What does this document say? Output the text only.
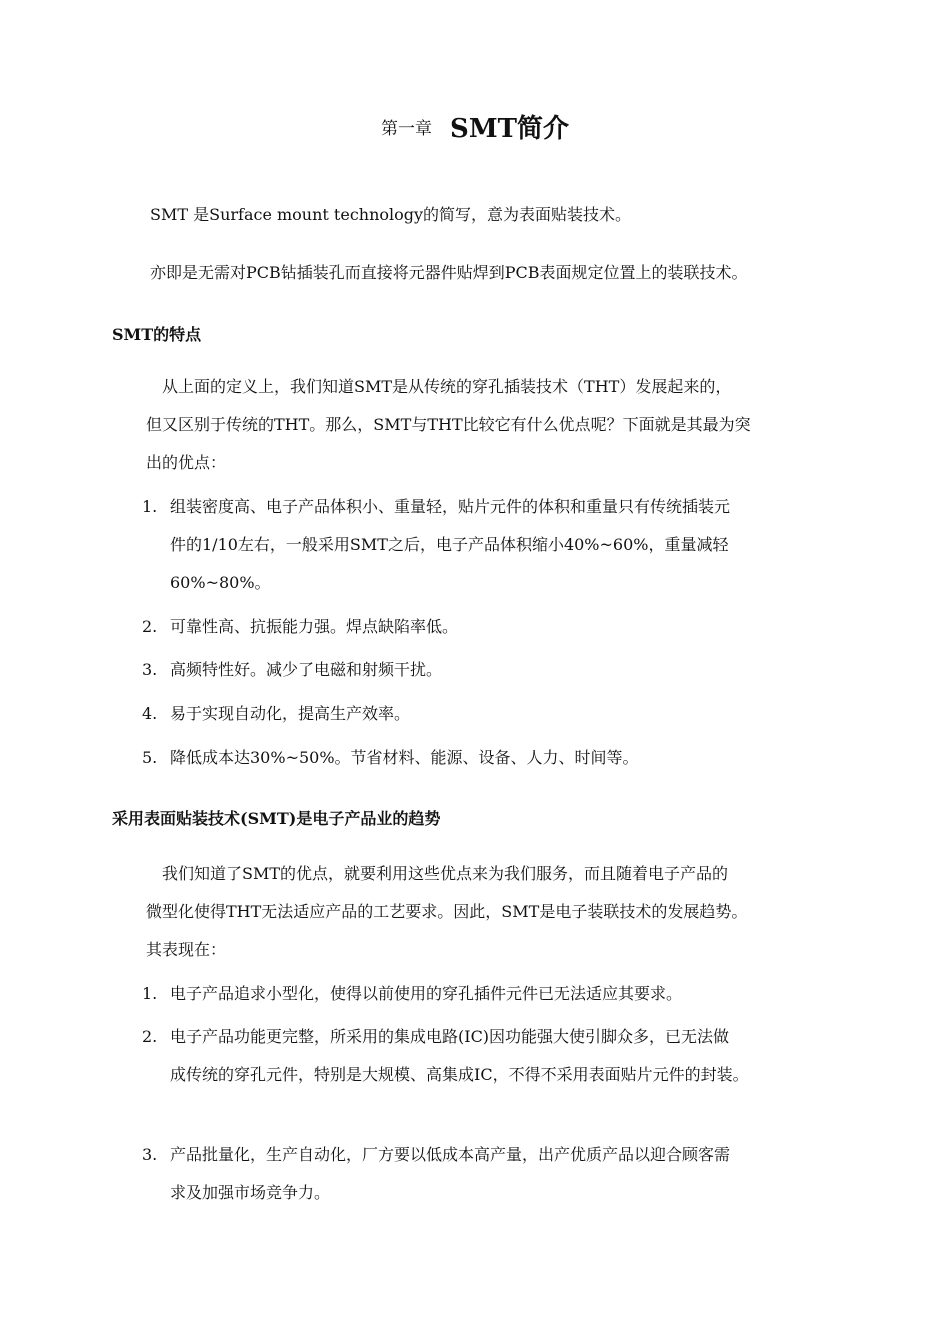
第一章 SMT简介
SMT 是Surface mount technology的简写，意为表面贴装技术。
亦即是无需对PCB钻插装孔而直接将元器件贴焊到PCB表面规定位置上的装联技术。
SMT的特点
　从上面的定义上，我们知道SMT是从传统的穿孔插装技术（THT）发展起来的，
但又区别于传统的THT。那么，SMT与THT比较它有什么优点呢？下面就是其最为突
出的优点：
1. 组装密度高、电子产品体积小、重量轻，贴片元件的体积和重量只有传统插装元
件的1/10左右，一般采用SMT之后，电子产品体积缩小40%~60%，重量减轻
60%~80%。
2. 可靠性高、抗振能力强。焊点缺陷率低。
3. 高频特性好。减少了电磁和射频干扰。
4. 易于实现自动化，提高生产效率。
5. 降低成本达30%~50%。节省材料、能源、设备、人力、时间等。
采用表面贴装技术(SMT)是电子产品业的趋势
　我们知道了SMT的优点，就要利用这些优点来为我们服务，而且随着电子产品的
微型化使得THT无法适应产品的工艺要求。因此，SMT是电子装联技术的发展趋势。
其表现在：
1. 电子产品追求小型化，使得以前使用的穿孔插件元件已无法适应其要求。
2. 电子产品功能更完整，所采用的集成电路(IC)因功能强大使引脚众多，已无法做
成传统的穿孔元件，特别是大规模、高集成IC，不得不采用表面贴片元件的封装。
3. 产品批量化，生产自动化，厂方要以低成本高产量，出产优质产品以迎合顾客需
求及加强市场竞争力。
